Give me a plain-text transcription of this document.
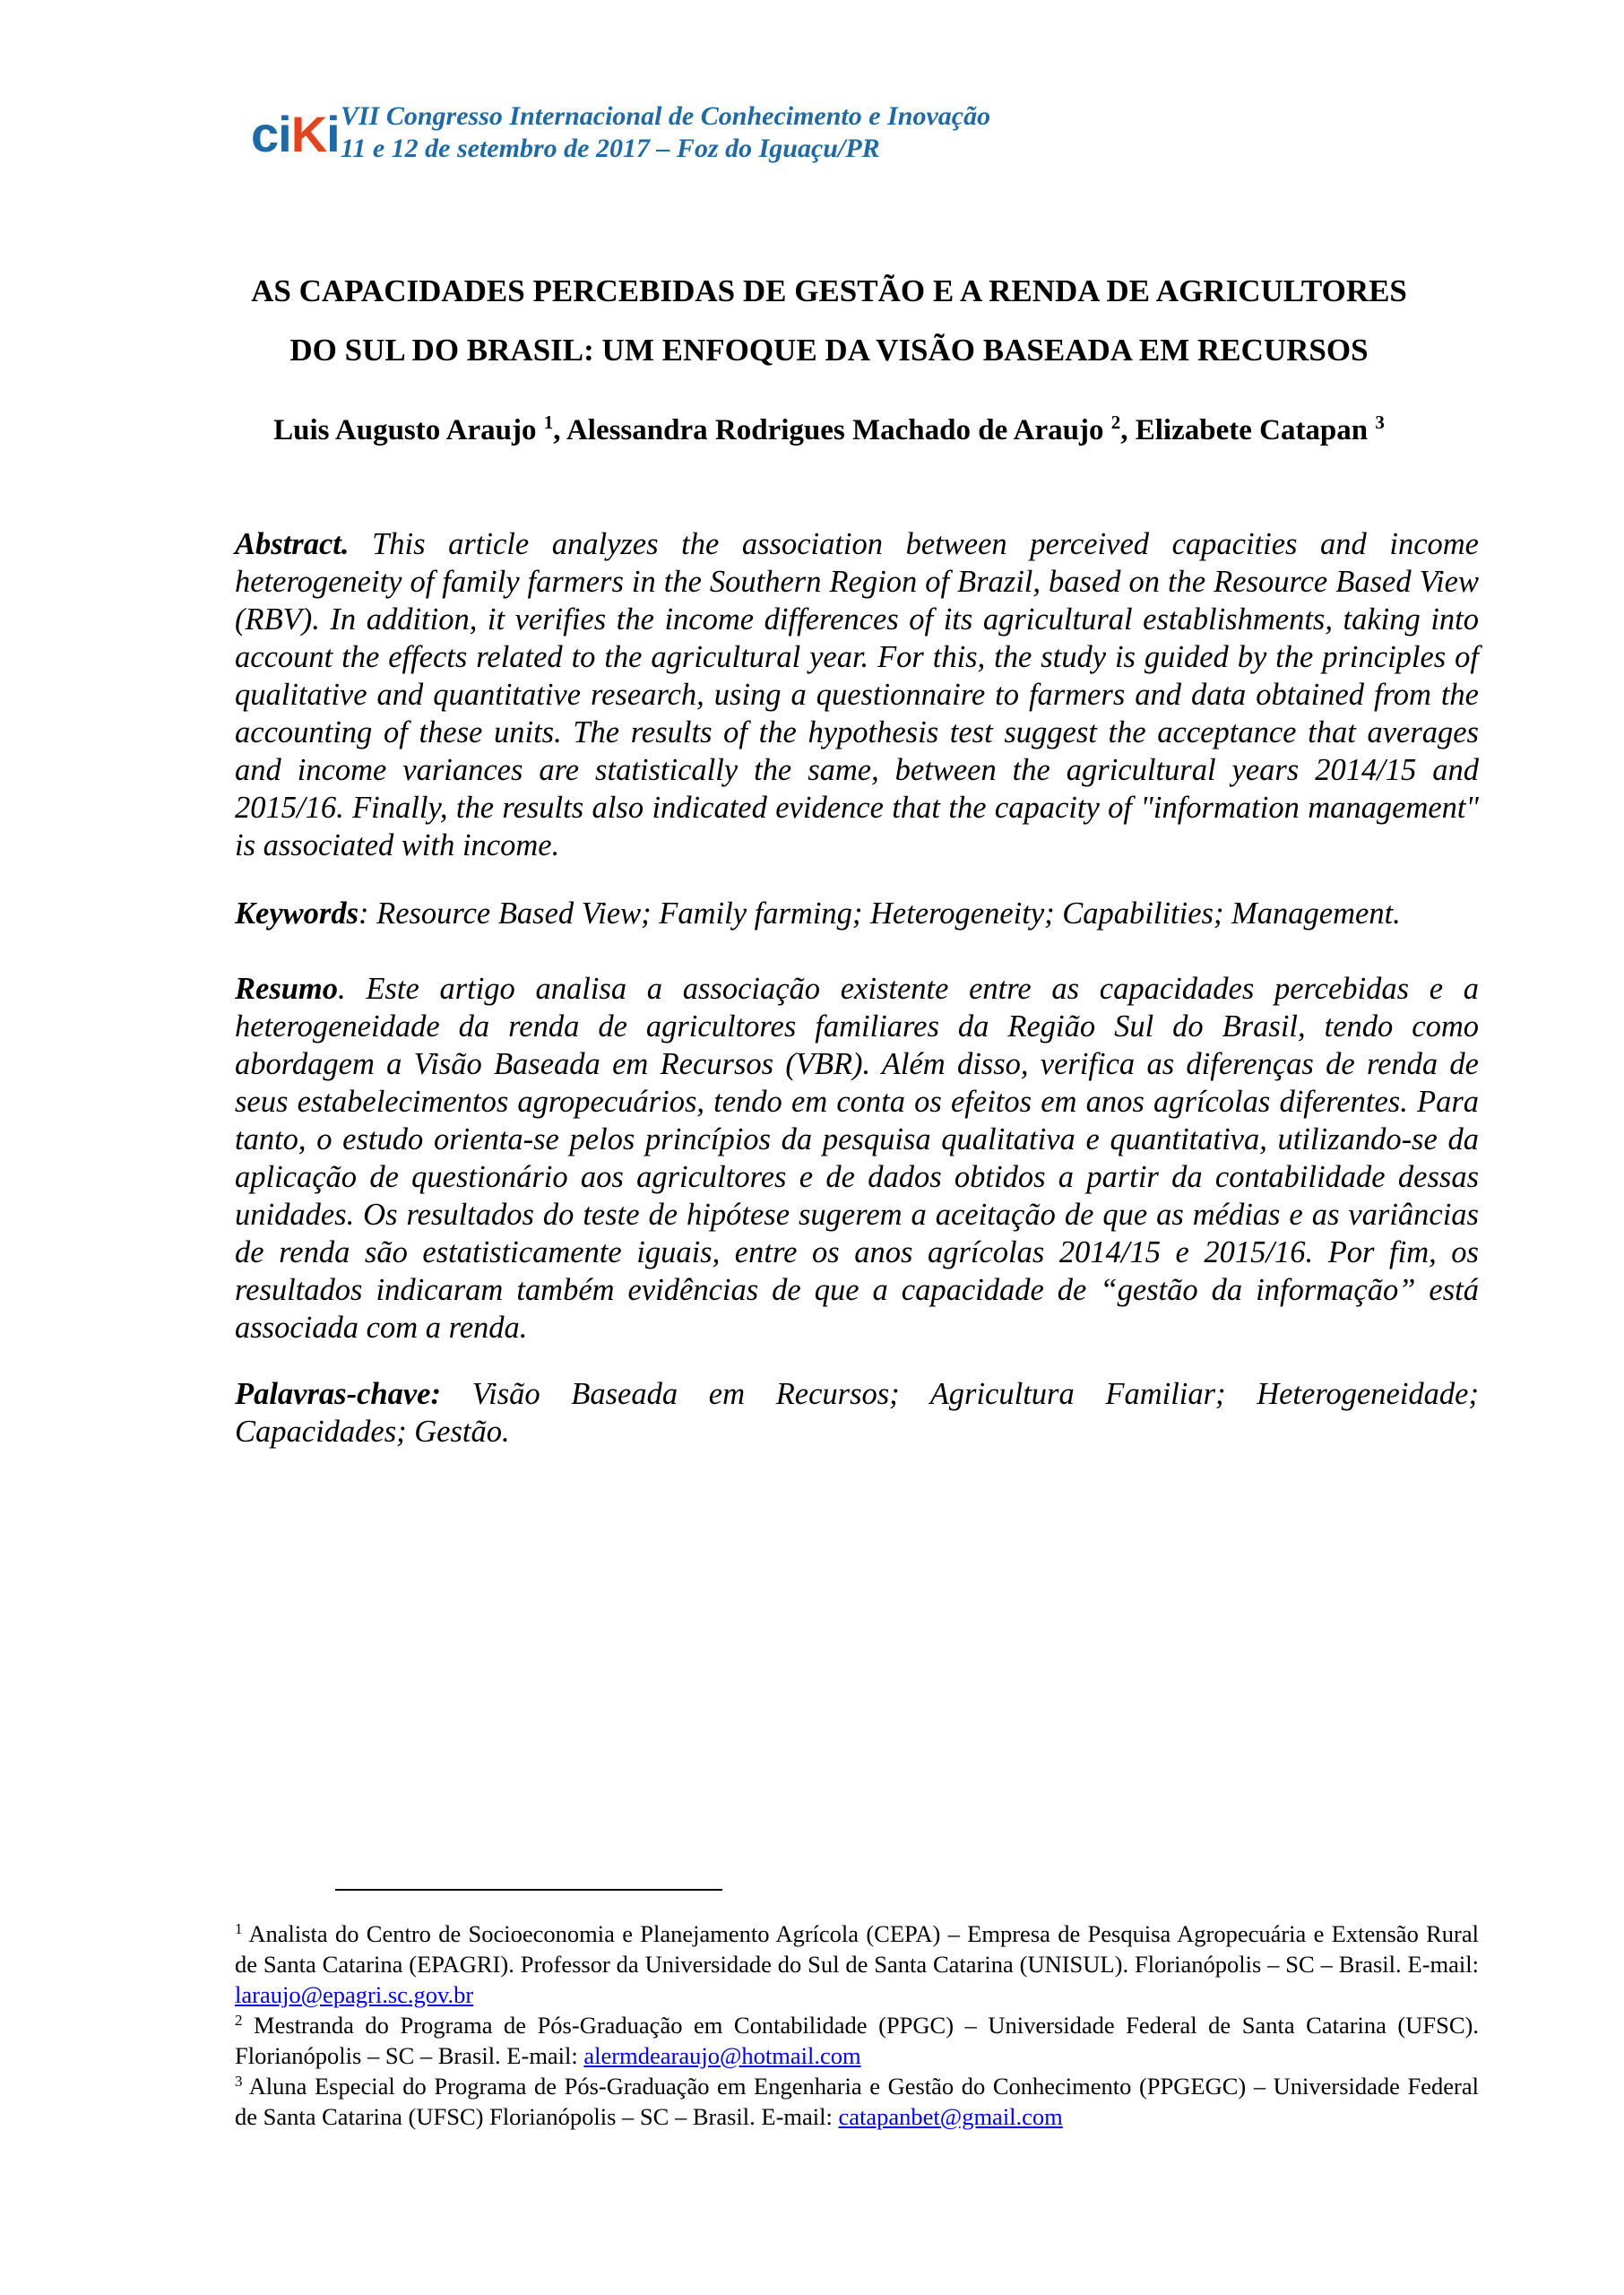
ciKi VII Congresso Internacional de Conhecimento e Inovação
11 e 12 de setembro de 2017 – Foz do Iguaçu/PR
AS CAPACIDADES PERCEBIDAS DE GESTÃO E A RENDA DE AGRICULTORES
DO SUL DO BRASIL: UM ENFOQUE DA VISÃO BASEADA EM RECURSOS
Luis Augusto Araujo $^1$, Alessandra Rodrigues Machado de Araujo $^2$, Elizabete Catapan $^3$

Abstract. This article analyzes the association between perceived capacities and income heterogeneity of family farmers in the Southern Region of Brazil, based on the Resource Based View (RBV). In addition, it verifies the income differences of its agricultural establishments, taking into account the effects related to the agricultural year. For this, the study is guided by the principles of qualitative and quantitative research, using a questionnaire to farmers and data obtained from the accounting of these units. The results of the hypothesis test suggest the acceptance that averages and income variances are statistically the same, between the agricultural years 2014/15 and 2015/16. Finally, the results also indicated evidence that the capacity of "information management" is associated with income.

Keywords: Resource Based View; Family farming; Heterogeneity; Capabilities; Management.

Resumo. Este artigo analisa a associação existente entre as capacidades percebidas e a heterogeneidade da renda de agricultores familiares da Região Sul do Brasil, tendo como abordagem a Visão Baseada em Recursos (VBR). Além disso, verifica as diferenças de renda de seus estabelecimentos agropecuários, tendo em conta os efeitos em anos agrícolas diferentes. Para tanto, o estudo orienta-se pelos princípios da pesquisa qualitativa e quantitativa, utilizando-se da aplicação de questionário aos agricultores e de dados obtidos a partir da contabilidade dessas unidades. Os resultados do teste de hipótese sugerem a aceitação de que as médias e as variâncias de renda são estatisticamente iguais, entre os anos agrícolas 2014/15 e 2015/16. Por fim, os resultados indicaram também evidências de que a capacidade de “gestão da informação” está associada com a renda.

Palavras-chave: Visão Baseada em Recursos; Agricultura Familiar; Heterogeneidade; Capacidades; Gestão.

$^1$ Analista do Centro de Socioeconomia e Planejamento Agrícola (CEPA) – Empresa de Pesquisa Agropecuária e Extensão Rural de Santa Catarina (EPAGRI). Professor da Universidade do Sul de Santa Catarina (UNISUL). Florianópolis – SC – Brasil. E-mail: laraujo@epagri.sc.gov.br

$^2$ Mestranda do Programa de Pós-Graduação em Contabilidade (PPGC) – Universidade Federal de Santa Catarina (UFSC). Florianópolis – SC – Brasil. E-mail: alermdearaujo@hotmail.com

$^3$ Aluna Especial do Programa de Pós-Graduação em Engenharia e Gestão do Conhecimento (PPGEGC) – Universidade Federal de Santa Catarina (UFSC) Florianópolis – SC – Brasil. E-mail: catapanbet@gmail.com
